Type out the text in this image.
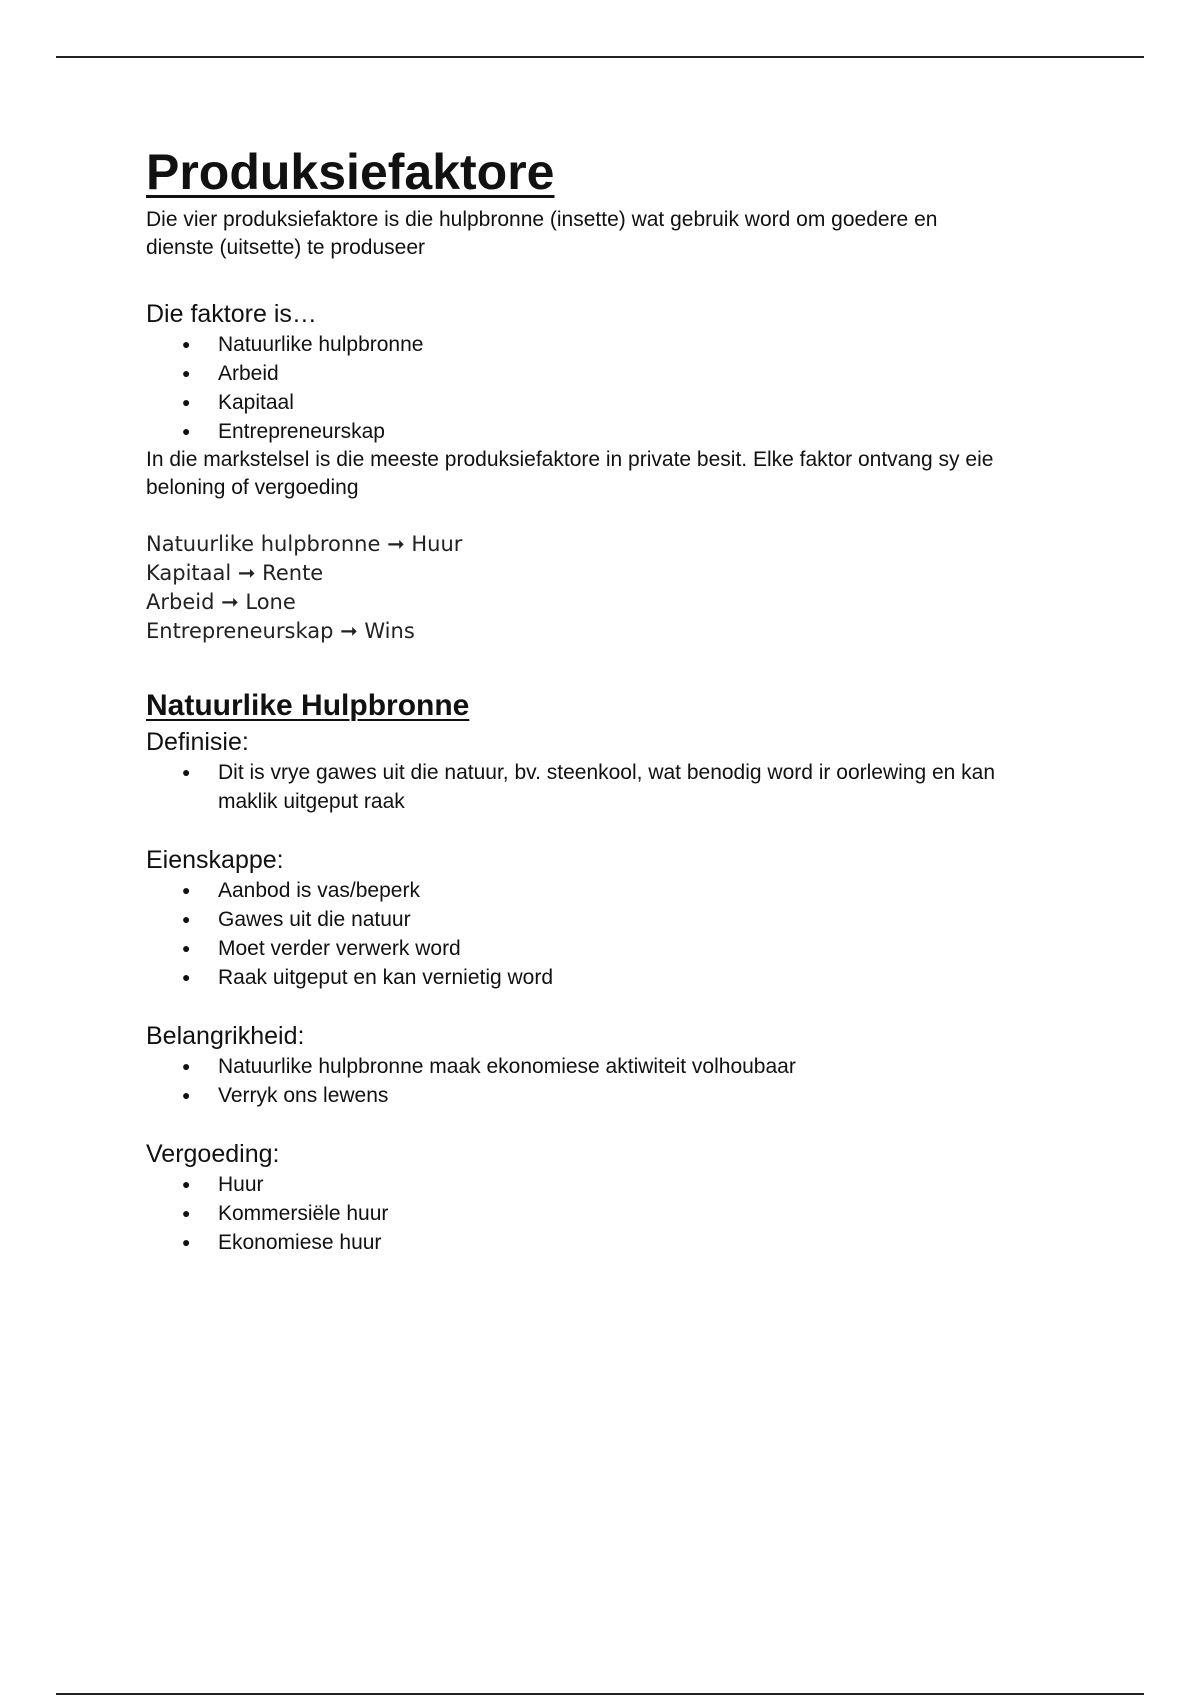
Produksiefaktore

Die vier produksiefaktore is die hulpbronne (insette) wat gebruik word om goedere en dienste (uitsette) te produseer

Die faktore is…

● Natuurlike hulpbronne
● Arbeid
● Kapitaal
● Entrepreneurskap

In die markstelsel is die meeste produksiefaktore in private besit. Elke faktor ontvang sy eie beloning of vergoeding

Natuurlike hulpbronne ➞ Huur
Kapitaal ➞ Rente
Arbeid ➞ Lone
Entrepreneurskap ➞ Wins
Natuurlike Hulpbronne

Definisie:

● Dit is vrye gawes uit die natuur, bv. steenkool, wat benodig word ir oorlewing en kan maklik uitgeput raak

Eienskappe:

● Aanbod is vas/beperk
● Gawes uit die natuur
● Moet verder verwerk word
● Raak uitgeput en kan vernietig word

Belangrikheid:

● Natuurlike hulpbronne maak ekonomiese aktiwiteit volhoubaar
● Verryk ons lewens

Vergoeding:

● Huur
● Kommersiële huur
● Ekonomiese huur
